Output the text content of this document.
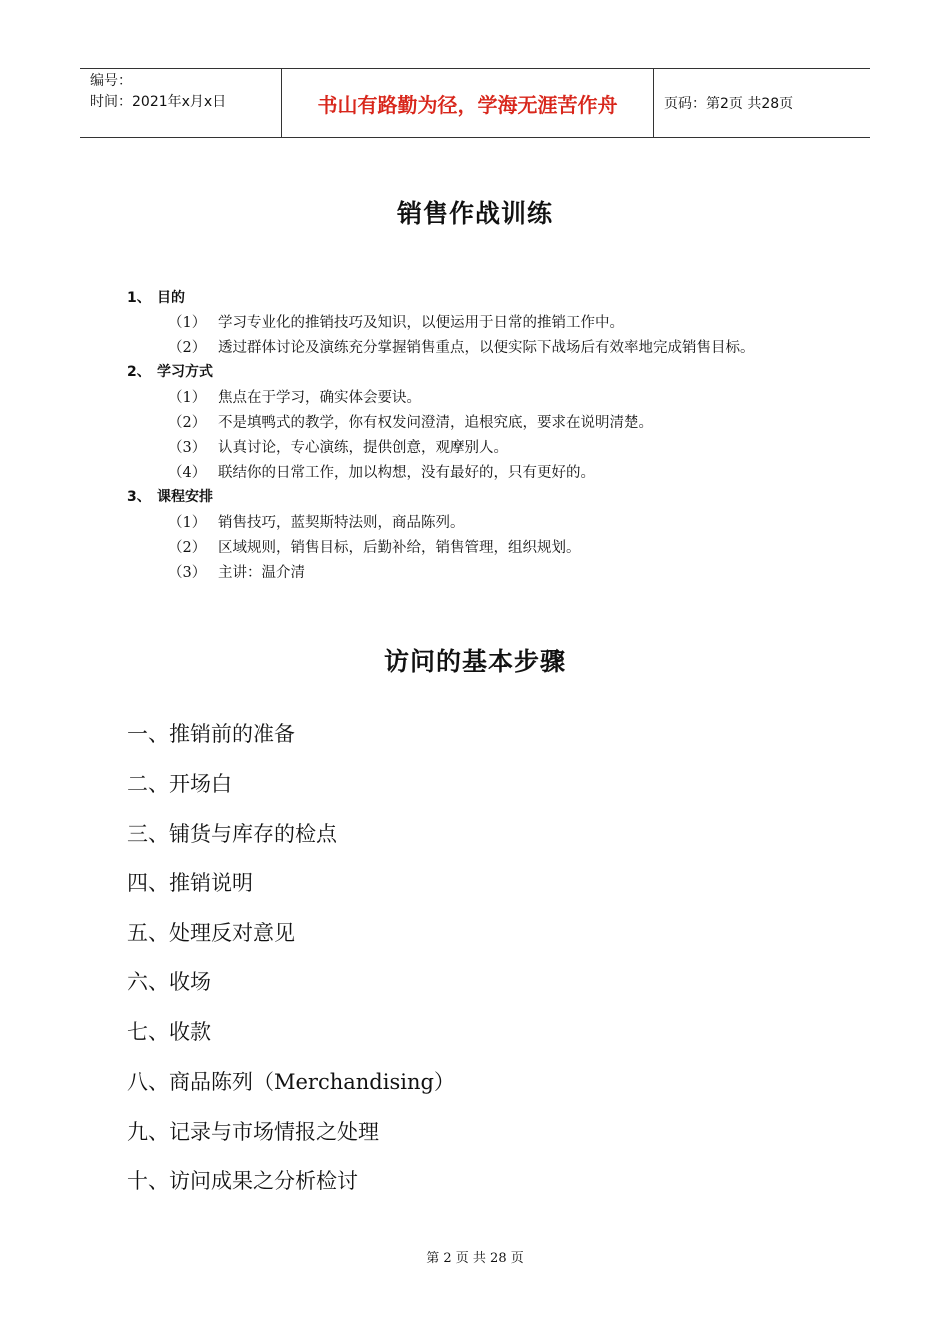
编号：
时间：2021年x月x日	书山有路勤为径，学海无涯苦作舟	页码：第2页 共28页
销售作战训练
1、 目的
（1） 学习专业化的推销技巧及知识，以便运用于日常的推销工作中。
（2） 透过群体讨论及演练充分掌握销售重点，以便实际下战场后有效率地完成销售目标。
2、 学习方式
（1） 焦点在于学习，确实体会要诀。
（2） 不是填鸭式的教学，你有权发问澄清，追根究底，要求在说明清楚。
（3） 认真讨论，专心演练，提供创意，观摩别人。
（4） 联结你的日常工作，加以构想，没有最好的，只有更好的。
3、 课程安排
（1） 销售技巧，蓝契斯特法则，商品陈列。
（2） 区域规则，销售目标，后勤补给，销售管理，组织规划。
（3） 主讲：温介清
访问的基本步骤
一、推销前的准备
二、开场白
三、铺货与库存的检点
四、推销说明
五、处理反对意见
六、收场
七、收款
八、商品陈列（Merchandising）
九、记录与市场情报之处理
十、访问成果之分析检讨
第 2 页 共 28 页
